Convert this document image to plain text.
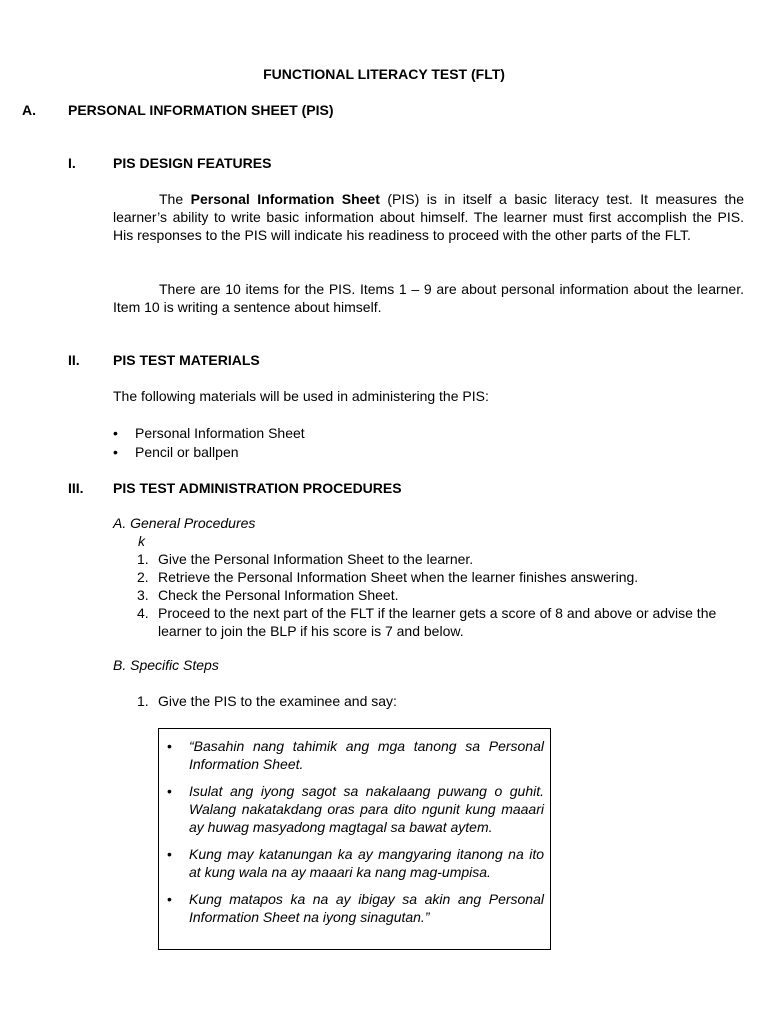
FUNCTIONAL LITERACY TEST (FLT)
A. PERSONAL INFORMATION SHEET (PIS)
I.	PIS DESIGN FEATURES
The Personal Information Sheet (PIS) is in itself a basic literacy test. It measures the learner’s ability to write basic information about himself. The learner must first accomplish the PIS. His responses to the PIS will indicate his readiness to proceed with the other parts of the FLT.
There are 10 items for the PIS. Items 1 – 9 are about personal information about the learner. Item 10 is writing a sentence about himself.
II. PIS TEST MATERIALS
The following materials will be used in administering the PIS:
• Personal Information Sheet
• Pencil or ballpen
III. PIS TEST ADMINISTRATION PROCEDURES
A. General Procedures
k
1. Give the Personal Information Sheet to the learner.
2. Retrieve the Personal Information Sheet when the learner finishes answering.
3. Check the Personal Information Sheet.
4. Proceed to the next part of the FLT if the learner gets a score of 8 and above or advise the learner to join the BLP if his score is 7 and below.
B. Specific Steps
1. Give the PIS to the examinee and say:
• “Basahin nang tahimik ang mga tanong sa Personal Information Sheet.
• Isulat ang iyong sagot sa nakalaang puwang o guhit. Walang nakatakdang oras para dito ngunit kung maaari ay huwag masyadong magtagal sa bawat aytem.
• Kung may katanungan ka ay mangyaring itanong na ito at kung wala na ay maaari ka nang mag-umpisa.
• Kung matapos ka na ay ibigay sa akin ang Personal Information Sheet na iyong sinagutan.”
